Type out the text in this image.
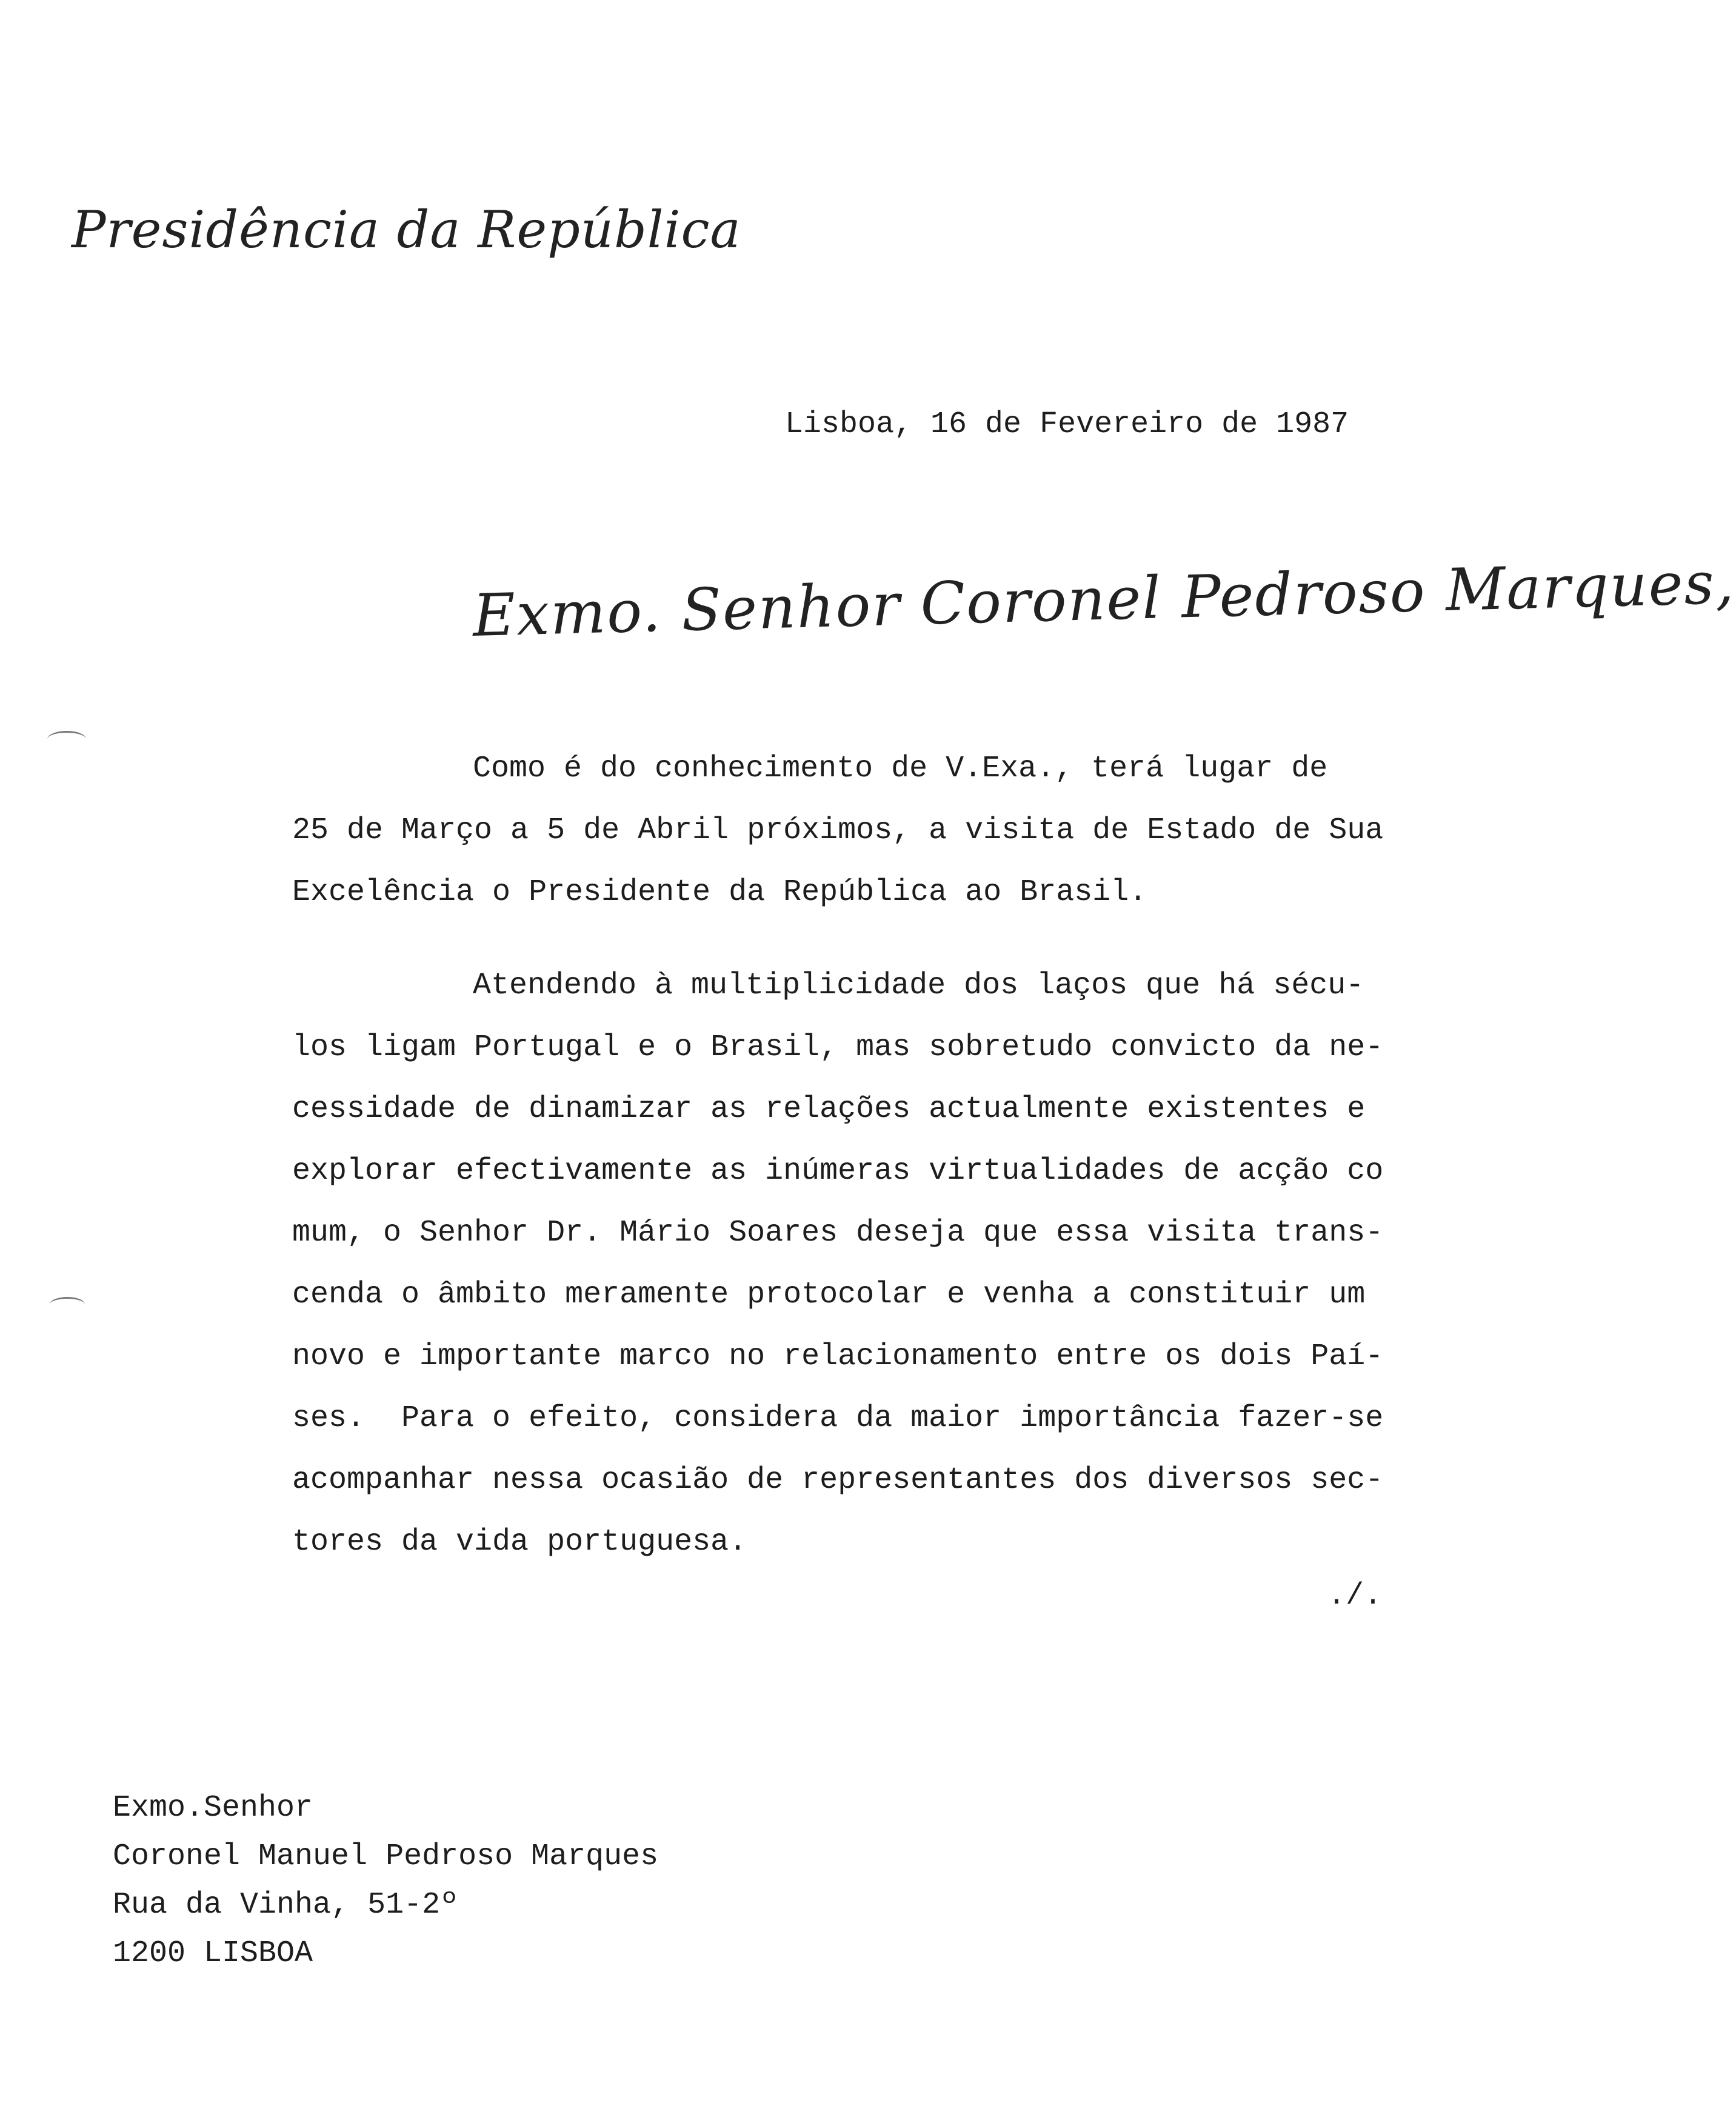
Presidência da República
Lisboa, 16 de Fevereiro de 1987
Exmo. Senhor Coronel Pedroso Marques,
Como é do conhecimento de V.Exa., terá lugar de
25 de Março a 5 de Abril próximos, a visita de Estado de Sua
Excelência o Presidente da República ao Brasil.
Atendendo à multiplicidade dos laços que há sécu-
los ligam Portugal e o Brasil, mas sobretudo convicto da ne-
cessidade de dinamizar as relações actualmente existentes e
explorar efectivamente as inúmeras virtualidades de acção co
mum, o Senhor Dr. Mário Soares deseja que essa visita trans-
cenda o âmbito meramente protocolar e venha a constituir um
novo e importante marco no relacionamento entre os dois Paí-
ses.  Para o efeito, considera da maior importância fazer-se
acompanhar nessa ocasião de representantes dos diversos sec-
tores da vida portuguesa.
./.
Exmo.Senhor
Coronel Manuel Pedroso Marques
Rua da Vinha, 51-2º
1200 LISBOA
